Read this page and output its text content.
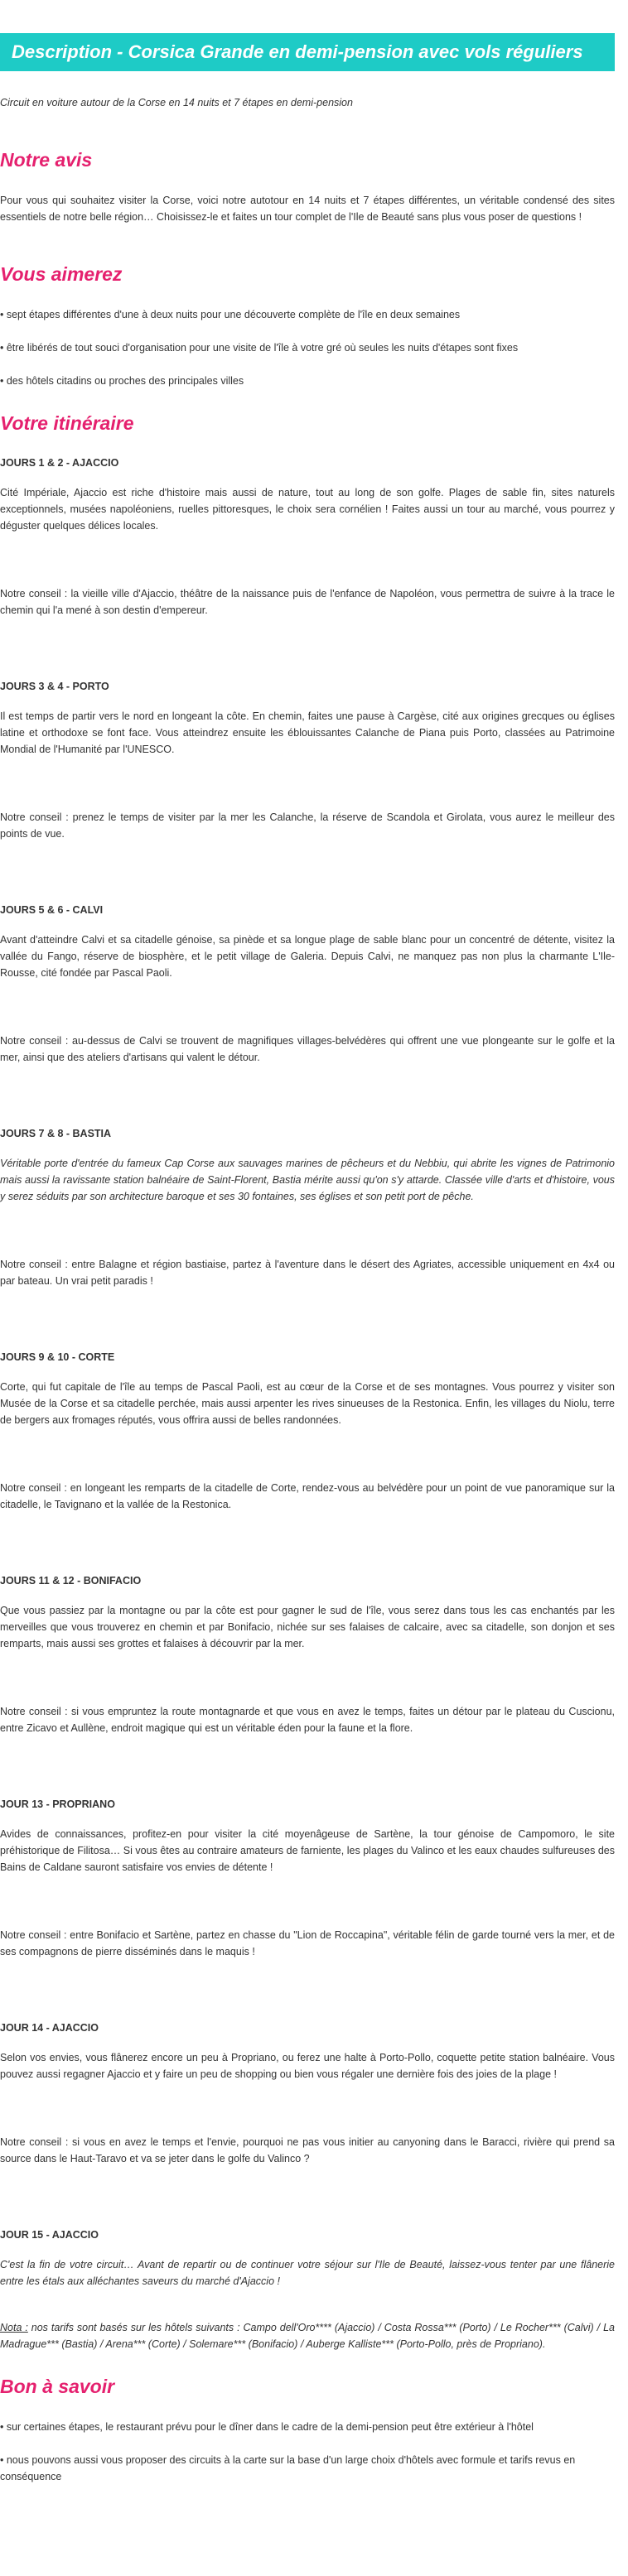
Description - Corsica Grande en demi-pension avec vols réguliers

Circuit en voiture autour de la Corse en 14 nuits et 7 étapes en demi-pension

Notre avis

Pour vous qui souhaitez visiter la Corse, voici notre autotour en 14 nuits et 7 étapes différentes, un véritable condensé des sites essentiels de notre belle région… Choisissez-le et faites un tour complet de l'Ile de Beauté sans plus vous poser de questions !

Vous aimerez
• sept étapes différentes d'une à deux nuits pour une découverte complète de l'île en deux semaines
• être libérés de tout souci d'organisation pour une visite de l'île à votre gré où seules les nuits d'étapes sont fixes
• des hôtels citadins ou proches des principales villes
Votre itinéraire

JOURS 1 & 2 - AJACCIO

Cité Impériale, Ajaccio est riche d'histoire mais aussi de nature, tout au long de son golfe. Plages de sable fin, sites naturels exceptionnels, musées napoléoniens, ruelles pittoresques, le choix sera cornélien ! Faites aussi un tour au marché, vous pourrez y déguster quelques délices locales.

Notre conseil : la vieille ville d'Ajaccio, théâtre de la naissance puis de l'enfance de Napoléon, vous permettra de suivre à la trace le chemin qui l'a mené à son destin d'empereur.

JOURS 3 & 4 - PORTO

Il est temps de partir vers le nord en longeant la côte. En chemin, faites une pause à Cargèse, cité aux origines grecques ou églises latine et orthodoxe se font face. Vous atteindrez ensuite les éblouissantes Calanche de Piana puis Porto, classées au Patrimoine Mondial de l'Humanité par l'UNESCO.

Notre conseil : prenez le temps de visiter par la mer les Calanche, la réserve de Scandola et Girolata, vous aurez le meilleur des points de vue.

JOURS 5 & 6 - CALVI

Avant d'atteindre Calvi et sa citadelle génoise, sa pinède et sa longue plage de sable blanc pour un concentré de détente, visitez la vallée du Fango, réserve de biosphère, et le petit village de Galeria. Depuis Calvi, ne manquez pas non plus la charmante L'Ile-Rousse, cité fondée par Pascal Paoli.

Notre conseil : au-dessus de Calvi se trouvent de magnifiques villages-belvédères qui offrent une vue plongeante sur le golfe et la mer, ainsi que des ateliers d'artisans qui valent le détour.

JOURS 7 & 8 - BASTIA

Véritable porte d'entrée du fameux Cap Corse aux sauvages marines de pêcheurs et du Nebbiu, qui abrite les vignes de Patrimonio mais aussi la ravissante station balnéaire de Saint-Florent, Bastia mérite aussi qu'on s'y attarde. Classée ville d'arts et d'histoire, vous y serez séduits par son architecture baroque et ses 30 fontaines, ses églises et son petit port de pêche.

Notre conseil : entre Balagne et région bastiaise, partez à l'aventure dans le désert des Agriates, accessible uniquement en 4x4 ou par bateau. Un vrai petit paradis !

JOURS 9 & 10 - CORTE

Corte, qui fut capitale de l'île au temps de Pascal Paoli, est au cœur de la Corse et de ses montagnes. Vous pourrez y visiter son Musée de la Corse et sa citadelle perchée, mais aussi arpenter les rives sinueuses de la Restonica. Enfin, les villages du Niolu, terre de bergers aux fromages réputés, vous offrira aussi de belles randonnées.

Notre conseil : en longeant les remparts de la citadelle de Corte, rendez-vous au belvédère pour un point de vue panoramique sur la citadelle, le Tavignano et la vallée de la Restonica.

JOURS 11 & 12 - BONIFACIO

Que vous passiez par la montagne ou par la côte est pour gagner le sud de l'île, vous serez dans tous les cas enchantés par les merveilles que vous trouverez en chemin et par Bonifacio, nichée sur ses falaises de calcaire, avec sa citadelle, son donjon et ses remparts, mais aussi ses grottes et falaises à découvrir par la mer.

Notre conseil : si vous empruntez la route montagnarde et que vous en avez le temps, faites un détour par le plateau du Cuscionu, entre Zicavo et Aullène, endroit magique qui est un véritable éden pour la faune et la flore.

JOUR 13 - PROPRIANO

Avides de connaissances, profitez-en pour visiter la cité moyenâgeuse de Sartène, la tour génoise de Campomoro, le site préhistorique de Filitosa… Si vous êtes au contraire amateurs de farniente, les plages du Valinco et les eaux chaudes sulfureuses des Bains de Caldane sauront satisfaire vos envies de détente !

Notre conseil : entre Bonifacio et Sartène, partez en chasse du "Lion de Roccapina", véritable félin de garde tourné vers la mer, et de ses compagnons de pierre disséminés dans le maquis !

JOUR 14 - AJACCIO

Selon vos envies, vous flânerez encore un peu à Propriano, ou ferez une halte à Porto-Pollo, coquette petite station balnéaire. Vous pouvez aussi regagner Ajaccio et y faire un peu de shopping ou bien vous régaler une dernière fois des joies de la plage !

Notre conseil : si vous en avez le temps et l'envie, pourquoi ne pas vous initier au canyoning dans le Baracci, rivière qui prend sa source dans le Haut-Taravo et va se jeter dans le golfe du Valinco ?

JOUR 15 - AJACCIO

C'est la fin de votre circuit… Avant de repartir ou de continuer votre séjour sur l'Ile de Beauté, laissez-vous tenter par une flânerie entre les étals aux alléchantes saveurs du marché d'Ajaccio !

Nota : nos tarifs sont basés sur les hôtels suivants : Campo dell'Oro**** (Ajaccio) / Costa Rossa*** (Porto) / Le Rocher*** (Calvi) / La Madrague*** (Bastia) / Arena*** (Corte) / Solemare*** (Bonifacio) / Auberge Kalliste*** (Porto-Pollo, près de Propriano).

Bon à savoir
• sur certaines étapes, le restaurant prévu pour le dîner dans le cadre de la demi-pension peut être extérieur à l'hôtel
• nous pouvons aussi vous proposer des circuits à la carte sur la base d'un large choix d'hôtels avec formule et tarifs revus en conséquence
